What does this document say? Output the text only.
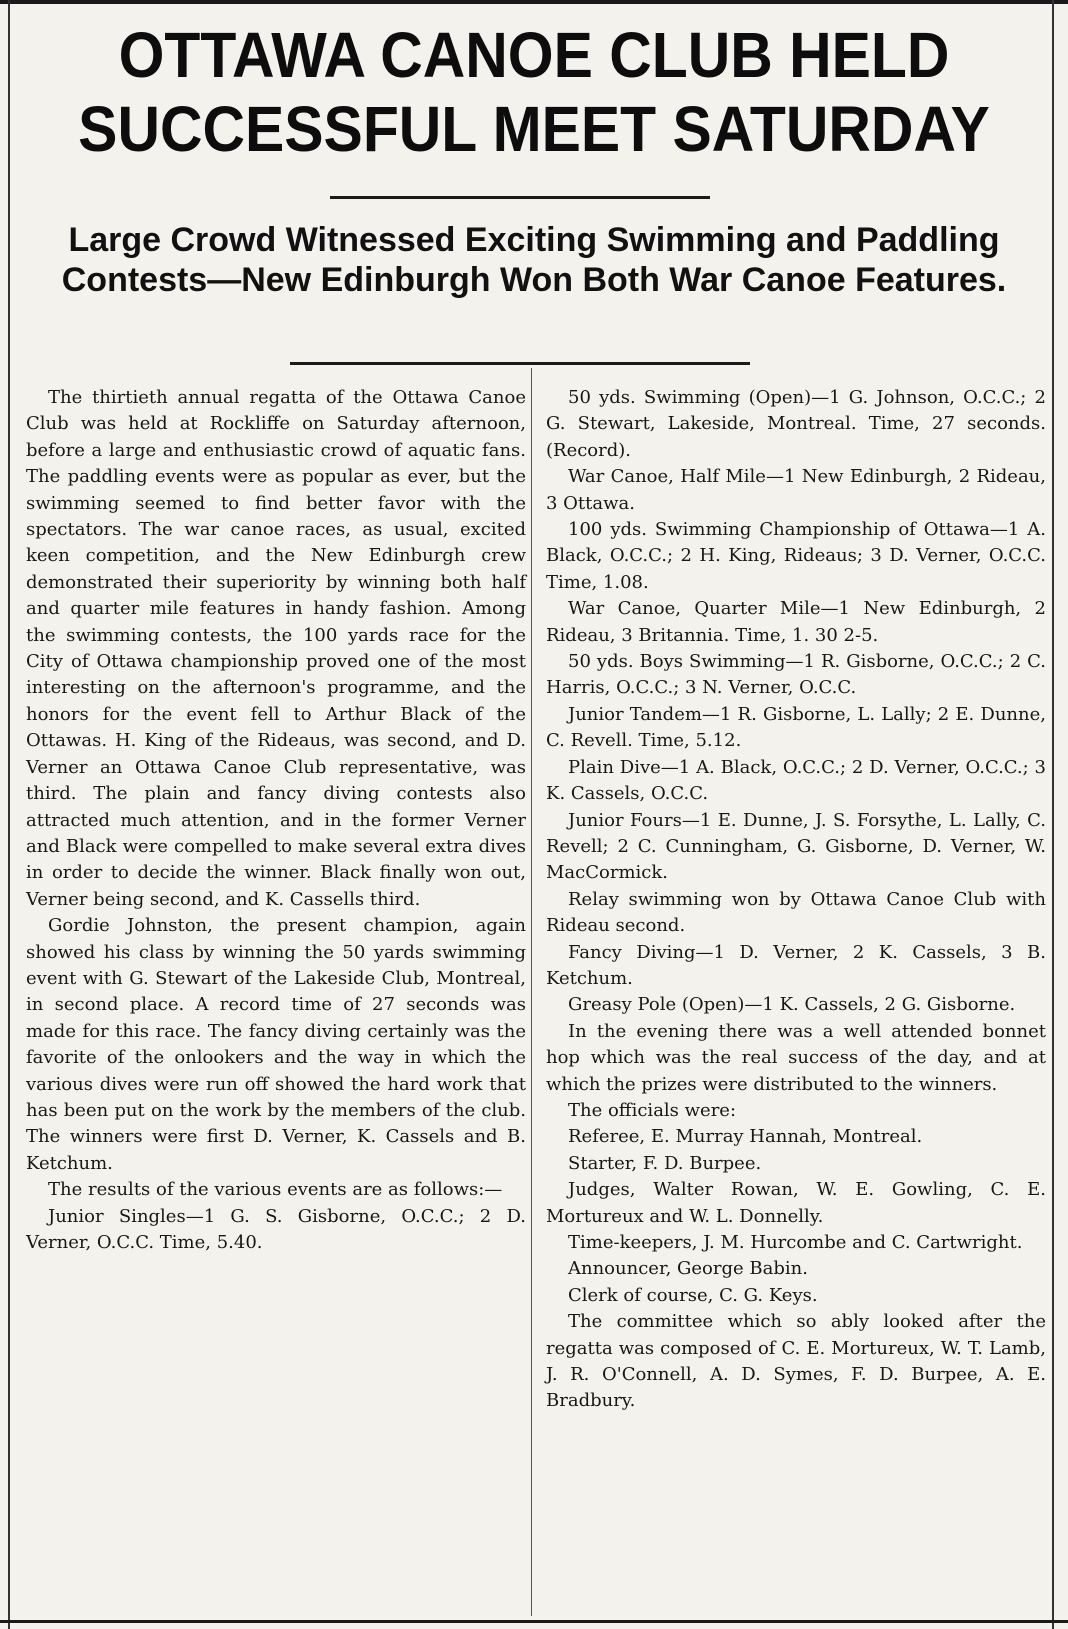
OTTAWA CANOE CLUB HELD
SUCCESSFUL MEET SATURDAY
Large Crowd Witnessed Exciting Swimming and Paddling Contests—New Edinburgh Won Both War Canoe Features.

The thirtieth annual regatta of the Ottawa Canoe Club was held at Rockliffe on Saturday afternoon, before a large and enthusiastic crowd of aquatic fans. The paddling events were as popular as ever, but the swimming seemed to find better favor with the spectators. The war canoe races, as usual, excited keen competition, and the New Edinburgh crew demonstrated their superiority by winning both half and quarter mile features in handy fashion. Among the swimming contests, the 100 yards race for the City of Ottawa championship proved one of the most interesting on the afternoon's programme, and the honors for the event fell to Arthur Black of the Ottawas. H. King of the Rideaus, was second, and D. Verner an Ottawa Canoe Club representative, was third. The plain and fancy diving contests also attracted much attention, and in the former Verner and Black were compelled to make several extra dives in order to decide the winner. Black finally won out, Verner being second, and K. Cassells third.

Gordie Johnston, the present champion, again showed his class by winning the 50 yards swimming event with G. Stewart of the Lakeside Club, Montreal, in second place. A record time of 27 seconds was made for this race. The fancy diving certainly was the favorite of the onlookers and the way in which the various dives were run off showed the hard work that has been put on the work by the members of the club. The winners were first D. Verner, K. Cassels and B. Ketchum.

The results of the various events are as follows:—

Junior Singles—1 G. S. Gisborne, O.C.C.; 2 D. Verner, O.C.C. Time, 5.40.

50 yds. Swimming (Open)—1 G. Johnson, O.C.C.; 2 G. Stewart, Lakeside, Montreal. Time, 27 seconds. (Record).

War Canoe, Half Mile—1 New Edinburgh, 2 Rideau, 3 Ottawa.

100 yds. Swimming Championship of Ottawa—1 A. Black, O.C.C.; 2 H. King, Rideaus; 3 D. Verner, O.C.C. Time, 1.08.

War Canoe, Quarter Mile—1 New Edinburgh, 2 Rideau, 3 Britannia. Time, 1. 30 2-5.

50 yds. Boys Swimming—1 R. Gisborne, O.C.C.; 2 C. Harris, O.C.C.; 3 N. Verner, O.C.C.

Junior Tandem—1 R. Gisborne, L. Lally; 2 E. Dunne, C. Revell. Time, 5.12.

Plain Dive—1 A. Black, O.C.C.; 2 D. Verner, O.C.C.; 3 K. Cassels, O.C.C.

Junior Fours—1 E. Dunne, J. S. Forsythe, L. Lally, C. Revell; 2 C. Cunningham, G. Gisborne, D. Verner, W. MacCormick.

Relay swimming won by Ottawa Canoe Club with Rideau second.

Fancy Diving—1 D. Verner, 2 K. Cassels, 3 B. Ketchum.

Greasy Pole (Open)—1 K. Cassels, 2 G. Gisborne.

In the evening there was a well attended bonnet hop which was the real success of the day, and at which the prizes were distributed to the winners.

The officials were:

Referee, E. Murray Hannah, Montreal.

Starter, F. D. Burpee.

Judges, Walter Rowan, W. E. Gowling, C. E. Mortureux and W. L. Donnelly.

Time-keepers, J. M. Hurcombe and C. Cartwright.

Announcer, George Babin.

Clerk of course, C. G. Keys.

The committee which so ably looked after the regatta was composed of C. E. Mortureux, W. T. Lamb, J. R. O'Connell, A. D. Symes, F. D. Burpee, A. E. Bradbury.
